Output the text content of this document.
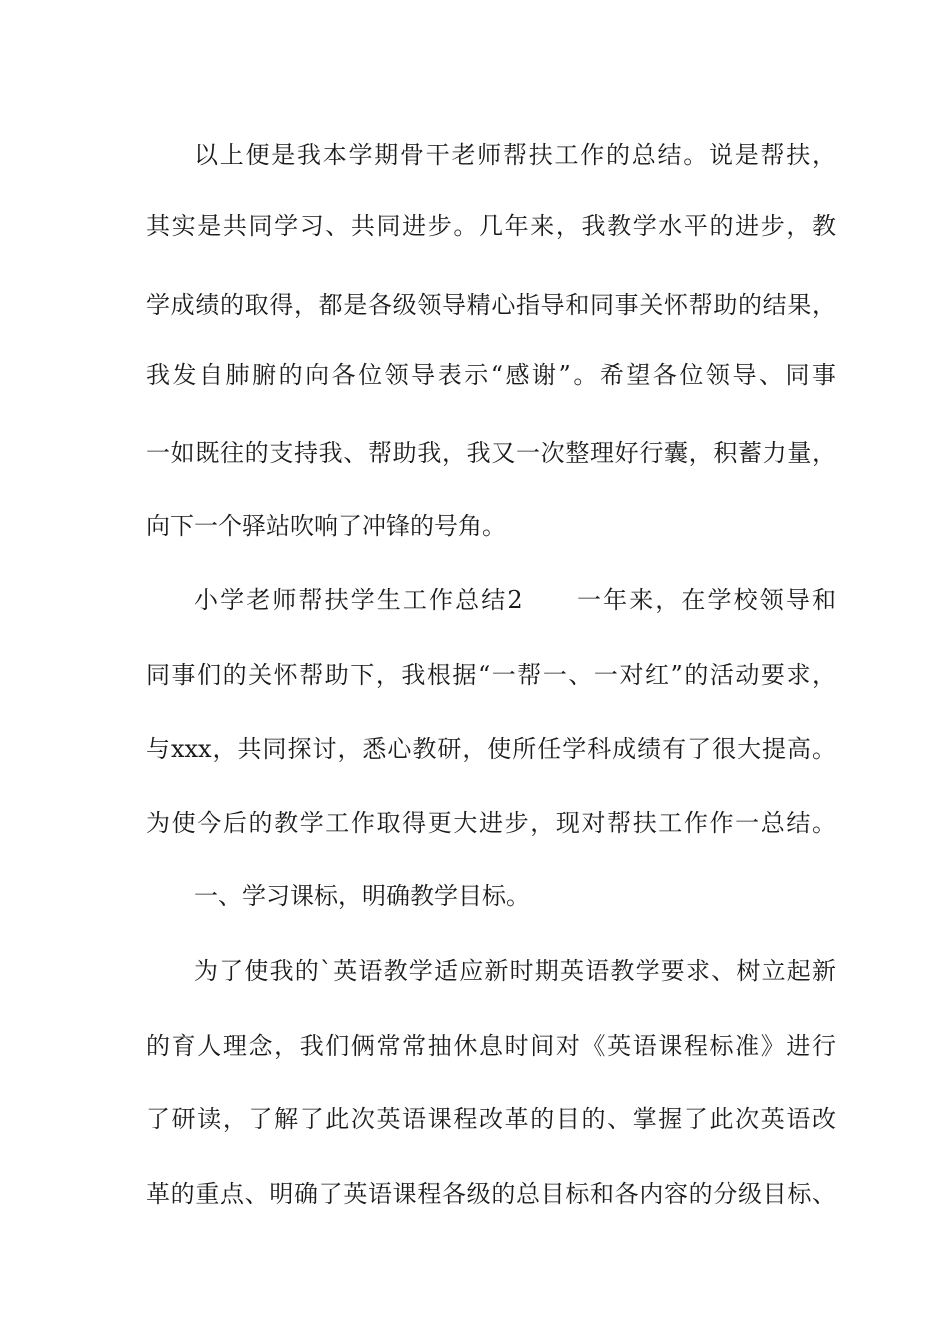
以上便是我本学期骨干老师帮扶工作的总结。说是帮扶，
其实是共同学习、共同进步。几年来，我教学水平的进步，教
学成绩的取得，都是各级领导精心指导和同事关怀帮助的结果，
我发自肺腑的向各位领导表示“感谢”。希望各位领导、同事
一如既往的支持我、帮助我，我又一次整理好行囊，积蓄力量，
向下一个驿站吹响了冲锋的号角。
小学老师帮扶学生工作总结2　　一年来，在学校领导和
同事们的关怀帮助下，我根据“一帮一、一对红”的活动要求，
与xxx，共同探讨，悉心教研，使所任学科成绩有了很大提高。
为使今后的教学工作取得更大进步，现对帮扶工作作一总结。
一、学习课标，明确教学目标。
为了使我的`英语教学适应新时期英语教学要求、树立起新
的育人理念，我们俩常常抽休息时间对《英语课程标准》进行
了研读，了解了此次英语课程改革的目的、掌握了此次英语改
革的重点、明确了英语课程各级的总目标和各内容的分级目标、
